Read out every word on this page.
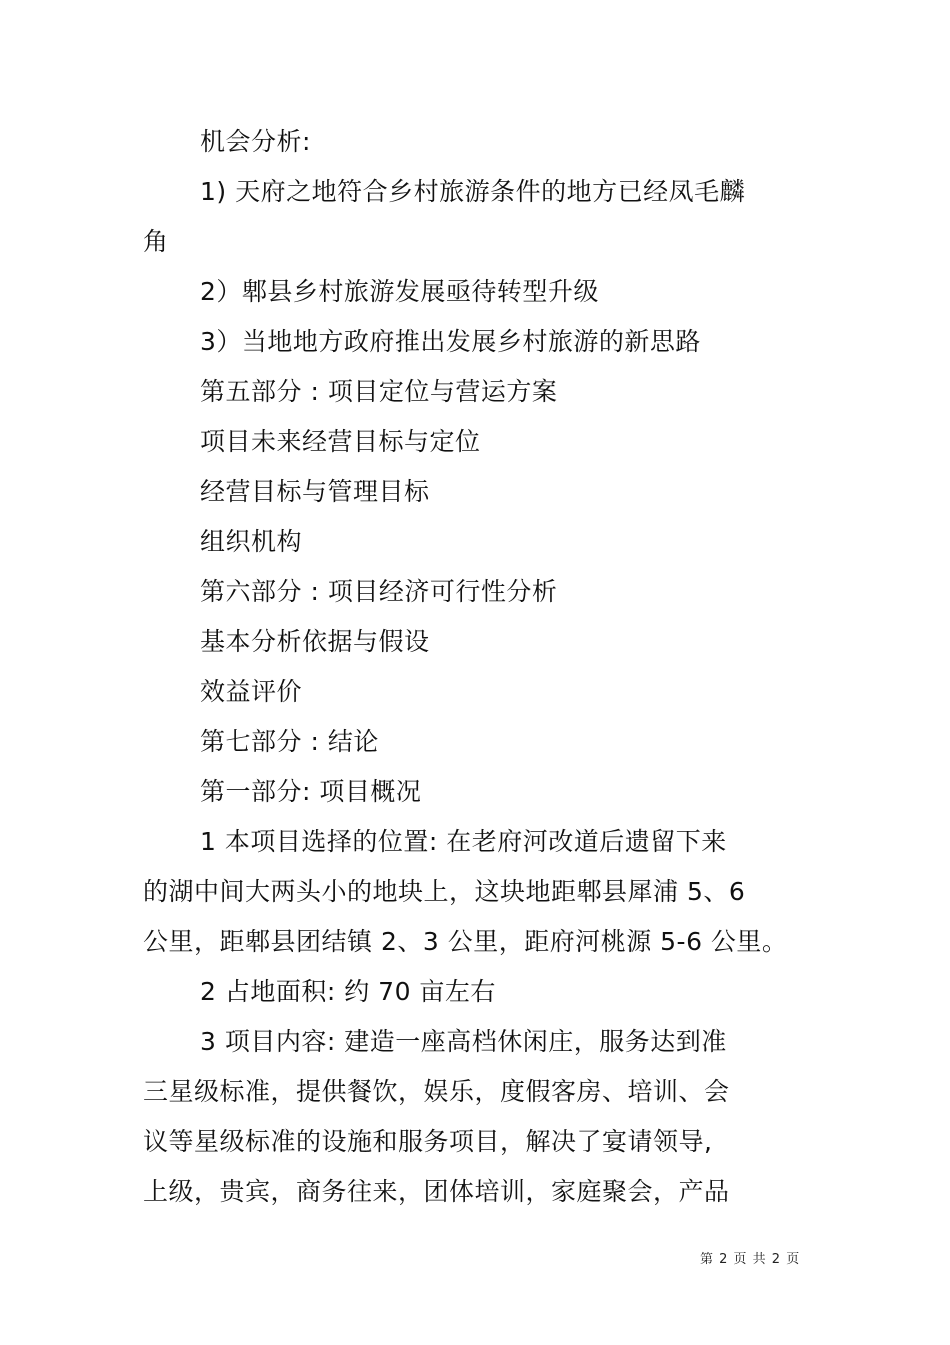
机会分析:
1) 天府之地符合乡村旅游条件的地方已经凤毛麟
角
2）郫县乡村旅游发展亟待转型升级
3）当地地方政府推出发展乡村旅游的新思路
第五部分 : 项目定位与营运方案
项目未来经营目标与定位
经营目标与管理目标
组织机构
第六部分 : 项目经济可行性分析
基本分析依据与假设
效益评价
第七部分 : 结论
第一部分: 项目概况
1 本项目选择的位置: 在老府河改道后遗留下来
的湖中间大两头小的地块上，这块地距郫县犀浦 5、6
公里，距郫县团结镇 2、3 公里，距府河桃源 5-6 公里。
2 占地面积: 约 70 亩左右
3 项目内容: 建造一座高档休闲庄，服务达到准
三星级标准，提供餐饮，娱乐，度假客房、培训、会
议等星级标准的设施和服务项目，解决了宴请领导,
上级，贵宾，商务往来，团体培训，家庭聚会，产品
第 2 页 共 2 页
